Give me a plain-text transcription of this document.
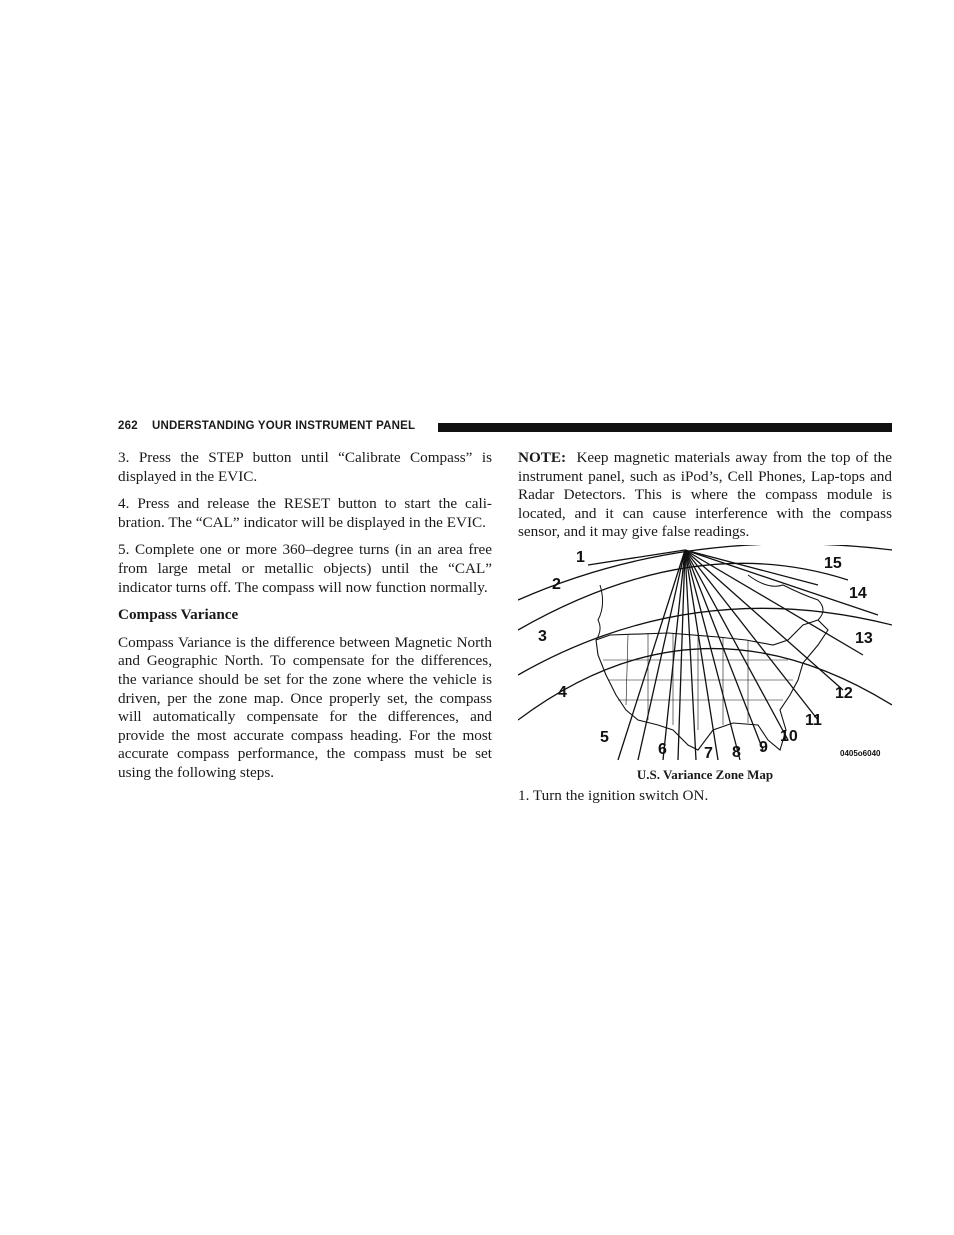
262 UNDERSTANDING YOUR INSTRUMENT PANEL

3. Press the STEP button until “Calibrate Compass” is displayed in the EVIC.

4. Press and release the RESET button to start the cali-bration. The “CAL” indicator will be displayed in the EVIC.

5. Complete one or more 360–degree turns (in an area free from large metal or metallic objects) until the “CAL” indicator turns off. The compass will now function normally.

Compass Variance

Compass Variance is the difference between Magnetic North and Geographic North. To compensate for the differences, the variance should be set for the zone where the vehicle is driven, per the zone map. Once properly set, the compass will automatically compensate for the differences, and provide the most accurate compass heading. For the most accurate compass performance, the compass must be set using the following steps.

NOTE: Keep magnetic materials away from the top of the instrument panel, such as iPod’s, Cell Phones, Lap-tops and Radar Detectors. This is where the compass module is located, and it can cause interference with the compass sensor, and it may give false readings.

1
2
3
4
5
6 7 8 9
10
11
12
13
14
15
0405o6040
U.S. Variance Zone Map
1. Turn the ignition switch ON.
